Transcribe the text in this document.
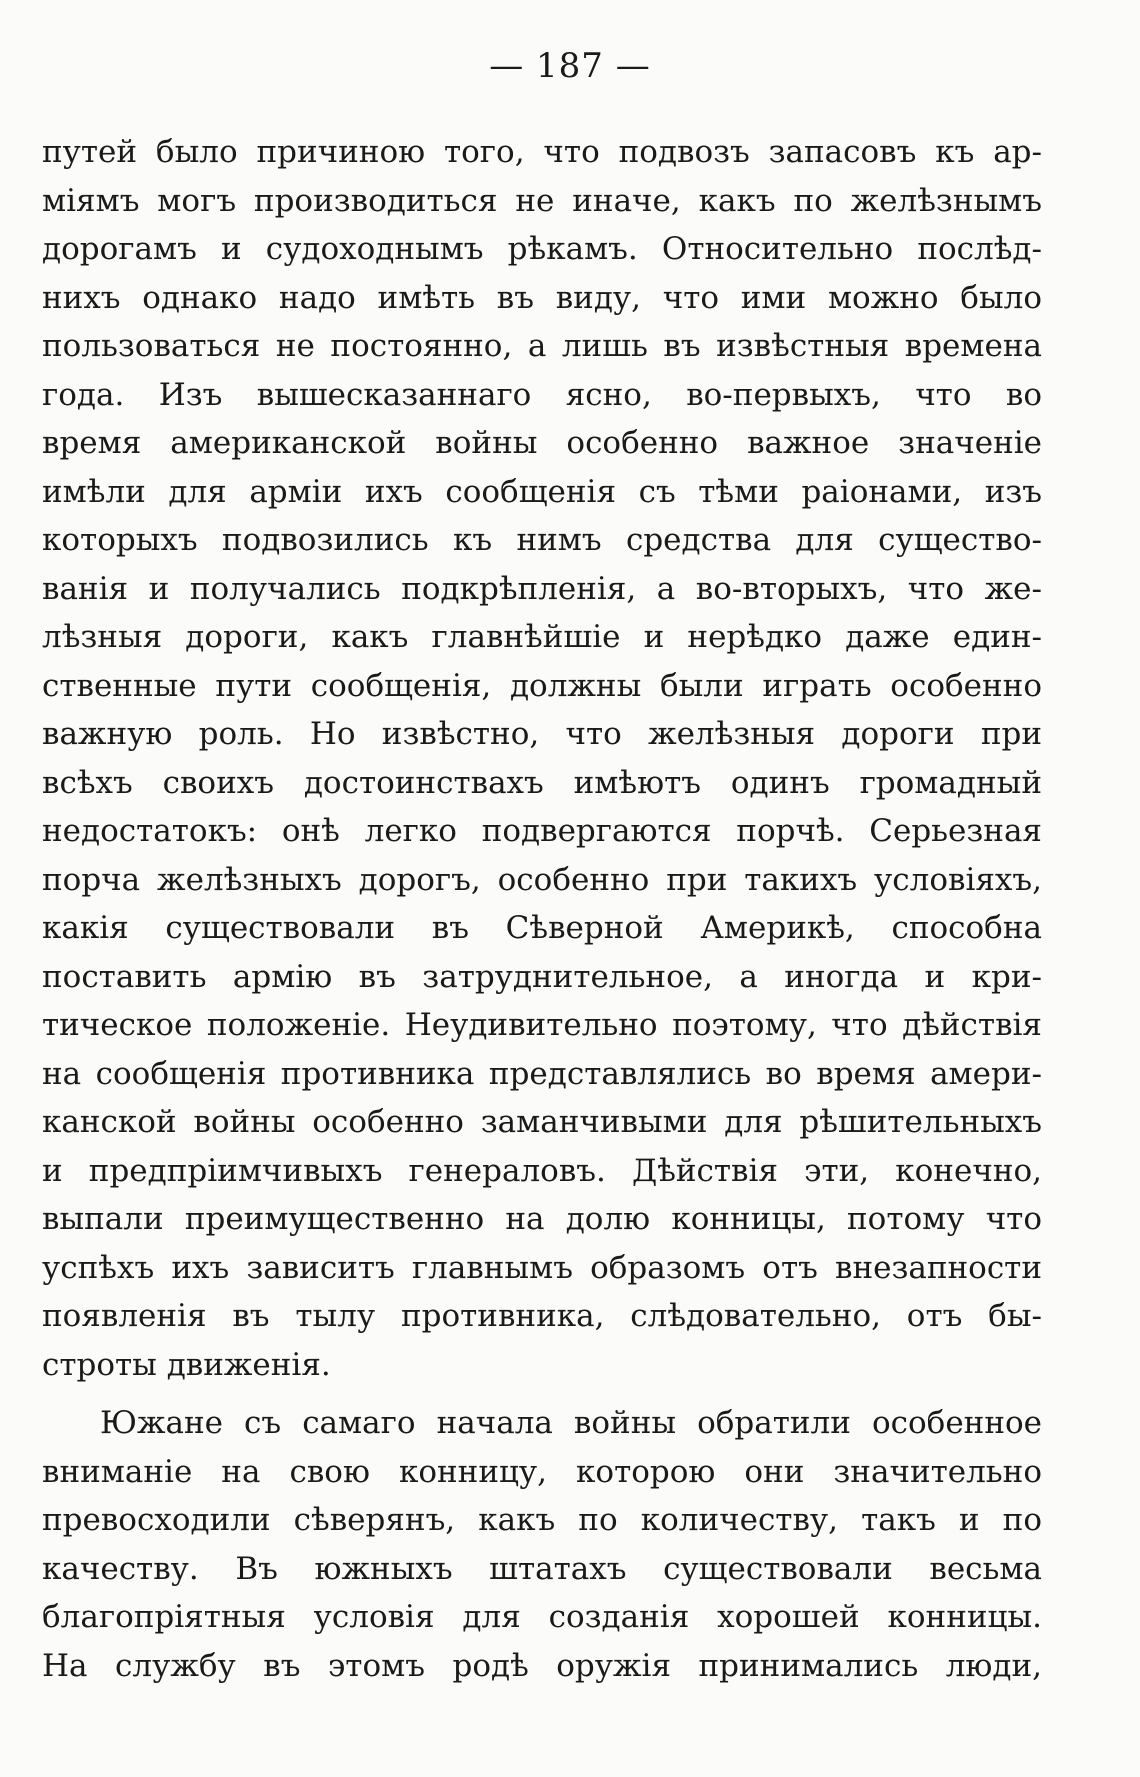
— 187 —
путей было причиною того, что подвозъ запасовъ къ ар-
міямъ могъ производиться не иначе, какъ по желѣзнымъ
дорогамъ и судоходнымъ рѣкамъ. Относительно послѣд-
нихъ однако надо имѣть въ виду, что ими можно было
пользоваться не постоянно, а лишь въ извѣстныя времена
года. Изъ вышесказаннаго ясно, во-первыхъ, что во
время американской войны особенно важное значеніе
имѣли для арміи ихъ сообщенія съ тѣми раіонами, изъ
которыхъ подвозились къ нимъ средства для существо-
ванія и получались подкрѣпленія, а во-вторыхъ, что же-
лѣзныя дороги, какъ главнѣйшіе и нерѣдко даже един-
ственные пути сообщенія, должны были играть особенно
важную роль. Но извѣстно, что желѣзныя дороги при
всѣхъ своихъ достоинствахъ имѣютъ одинъ громадный
недостатокъ: онѣ легко подвергаются порчѣ. Серьезная
порча желѣзныхъ дорогъ, особенно при такихъ условіяхъ,
какія существовали въ Сѣверной Америкѣ, способна
поставить армію въ затруднительное, а иногда и кри-
тическое положеніе. Неудивительно поэтому, что дѣйствія
на сообщенія противника представлялись во время амери-
канской войны особенно заманчивыми для рѣшительныхъ
и предпріимчивыхъ генераловъ. Дѣйствія эти, конечно,
выпали преимущественно на долю конницы, потому что
успѣхъ ихъ зависитъ главнымъ образомъ отъ внезапности
появленія въ тылу противника, слѣдовательно, отъ бы-
строты движенія.
Южане съ самаго начала войны обратили особенное
вниманіе на свою конницу, которою они значительно
превосходили сѣверянъ, какъ по количеству, такъ и по
качеству. Въ южныхъ штатахъ существовали весьма
благопріятныя условія для созданія хорошей конницы.
На службу въ этомъ родѣ оружія принимались люди,
